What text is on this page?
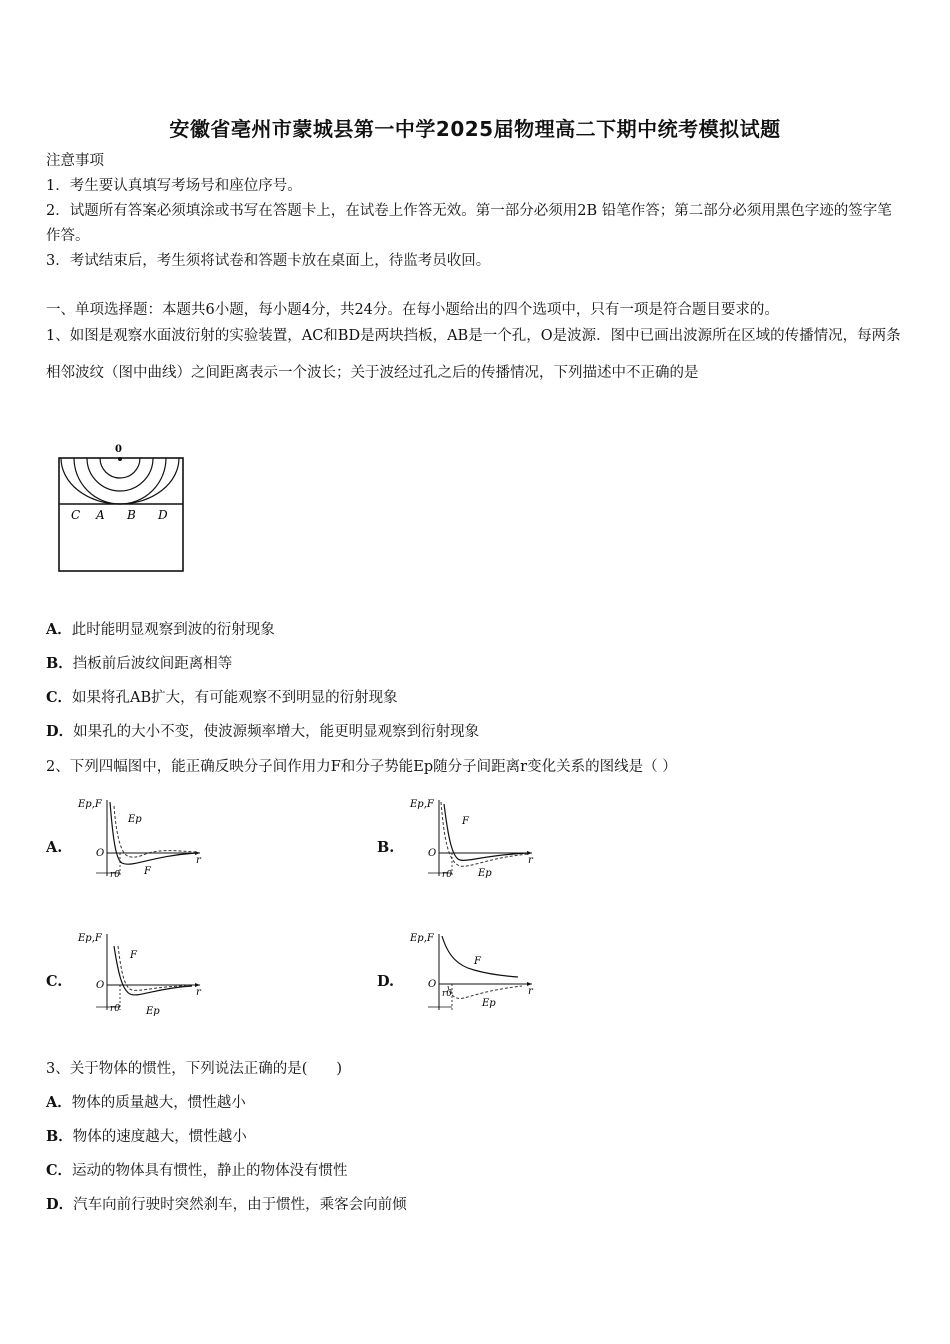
安徽省亳州市蒙城县第一中学2025届物理高二下期中统考模拟试题
注意事项
1．考生要认真填写考场号和座位序号。
2．试题所有答案必须填涂或书写在答题卡上，在试卷上作答无效。第一部分必须用2B 铅笔作答；第二部分必须用黑色字迹的签字笔作答。
3．考试结束后，考生须将试卷和答题卡放在桌面上，待监考员收回。
一、单项选择题：本题共6小题，每小题4分，共24分。在每小题给出的四个选项中，只有一项是符合题目要求的。
1、如图是观察水面波衍射的实验装置，AC和BD是两块挡板，AB是一个孔，O是波源．图中已画出波源所在区域的传播情况，每两条相邻波纹（图中曲线）之间距离表示一个波长；关于波经过孔之后的传播情况，下列描述中不正确的是
0
C A B D
A．此时能明显观察到波的衍射现象
B．挡板前后波纹间距离相等
C．如果将孔AB扩大，有可能观察不到明显的衍射现象
D．如果孔的大小不变，使波源频率增大，能更明显观察到衍射现象
2、下列四幅图中，能正确反映分子间作用力F和分子势能Ep随分子间距离r变化关系的图线是（ ）
A.	B.
C.	D.
Ep,F
O
r
r0
Ep
F
Ep,F
O
r
r0
F
Ep
Ep,F
O
r
r0
F
Ep
Ep,F
O
r
r0
F
Ep
3、关于物体的惯性，下列说法正确的是(　　)
A．物体的质量越大，惯性越小
B．物体的速度越大，惯性越小
C．运动的物体具有惯性，静止的物体没有惯性
D．汽车向前行驶时突然刹车，由于惯性，乘客会向前倾
